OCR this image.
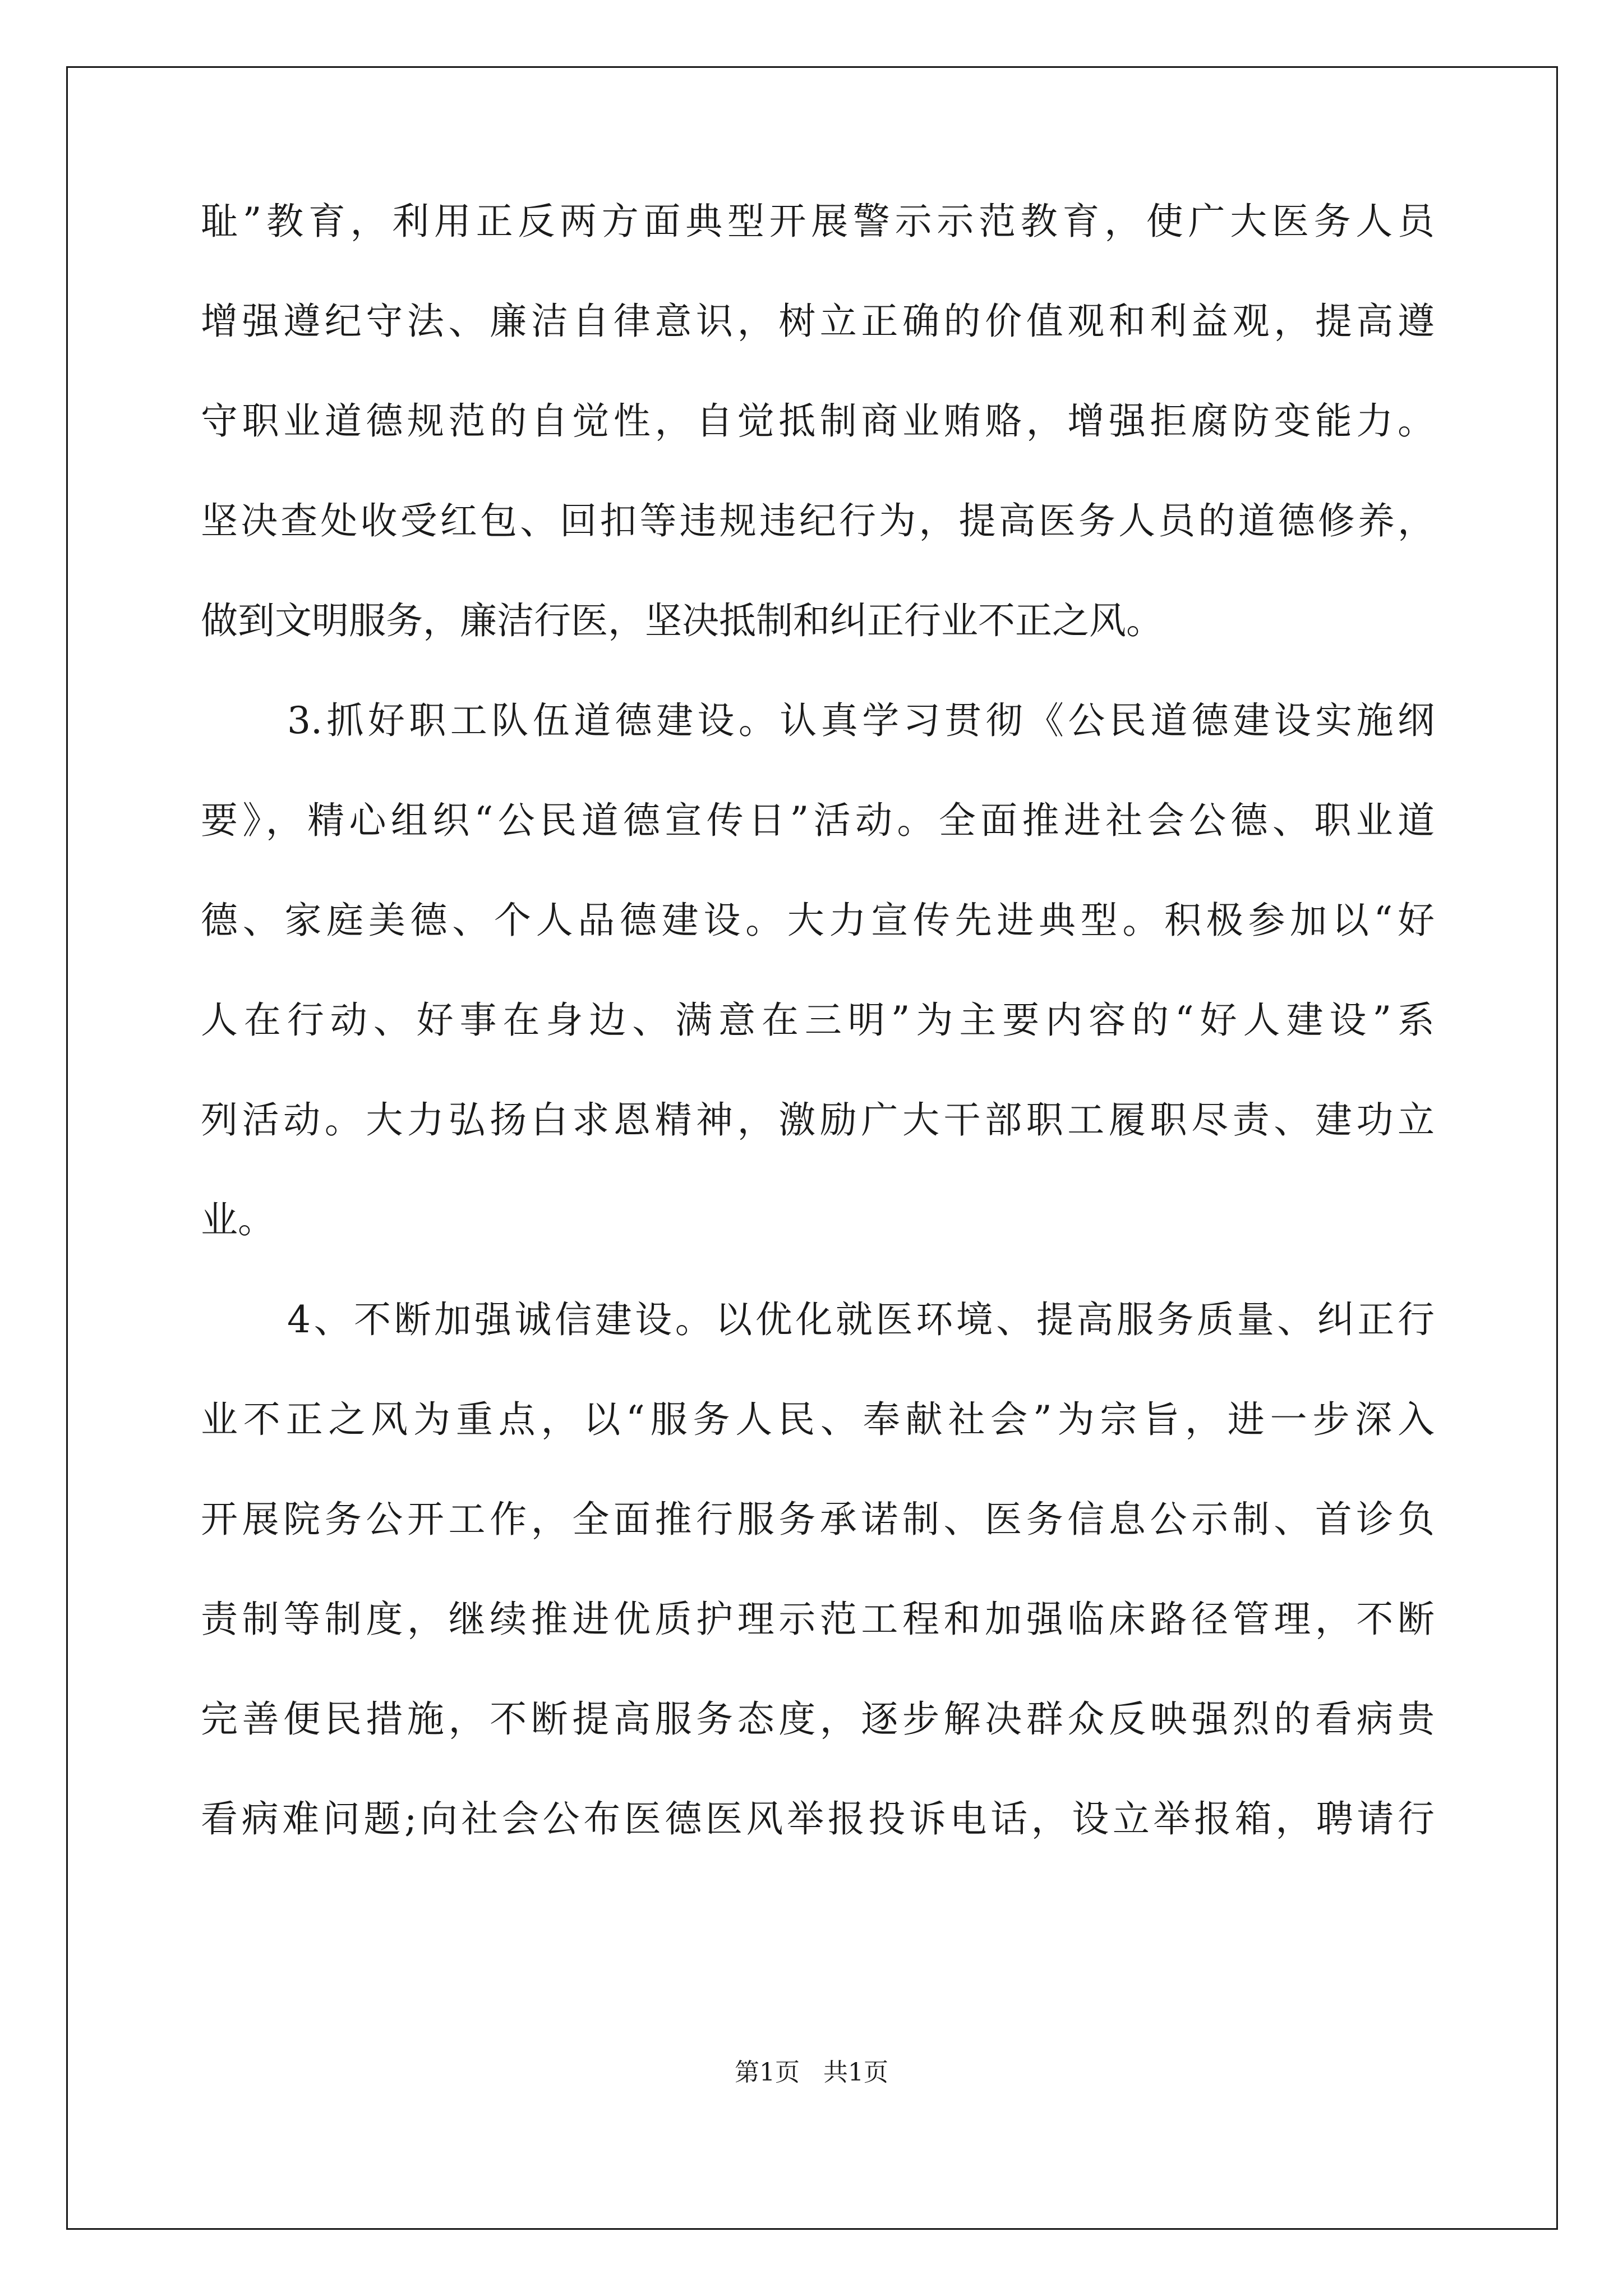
耻”教育，利用正反两方面典型开展警示示范教育，使广大医务人员
增强遵纪守法、廉洁自律意识，树立正确的价值观和利益观，提高遵
守职业道德规范的自觉性，自觉抵制商业贿赂，增强拒腐防变能力。
坚决查处收受红包、回扣等违规违纪行为，提高医务人员的道德修养，
做到文明服务，廉洁行医，坚决抵制和纠正行业不正之风。
3.抓好职工队伍道德建设。认真学习贯彻《公民道德建设实施纲
要》，精心组织“公民道德宣传日”活动。全面推进社会公德、职业道
德、家庭美德、个人品德建设。大力宣传先进典型。积极参加以“好
人在行动、好事在身边、满意在三明”为主要内容的“好人建设”系
列活动。大力弘扬白求恩精神，激励广大干部职工履职尽责、建功立
业。
4、不断加强诚信建设。以优化就医环境、提高服务质量、纠正行
业不正之风为重点，以“服务人民、奉献社会”为宗旨，进一步深入
开展院务公开工作，全面推行服务承诺制、医务信息公示制、首诊负
责制等制度，继续推进优质护理示范工程和加强临床路径管理，不断
完善便民措施，不断提高服务态度，逐步解决群众反映强烈的看病贵
看病难问题;向社会公布医德医风举报投诉电话，设立举报箱，聘请行
第1页   共1页
